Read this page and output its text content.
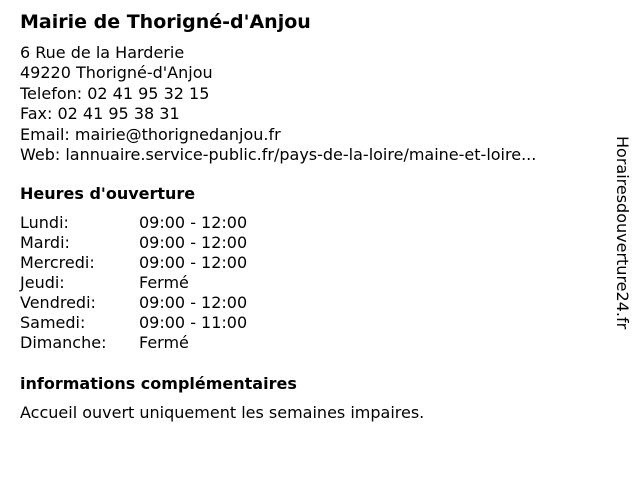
Mairie de Thorigné-d'Anjou
6 Rue de la Harderie
49220 Thorigné-d'Anjou
Telefon: 02 41 95 32 15
Fax: 02 41 95 38 31
Email: mairie@thorignedanjou.fr
Web: lannuaire.service-public.fr/pays-de-la-loire/maine-et-loire...
Heures d'ouverture
Lundi:	09:00 - 12:00
Mardi:	09:00 - 12:00
Mercredi:	09:00 - 12:00
Jeudi:	Fermé
Vendredi:	09:00 - 12:00
Samedi:	09:00 - 11:00
Dimanche: Fermé
informations complémentaires
Accueil ouvert uniquement les semaines impaires.
Horairesdouverture24.fr
